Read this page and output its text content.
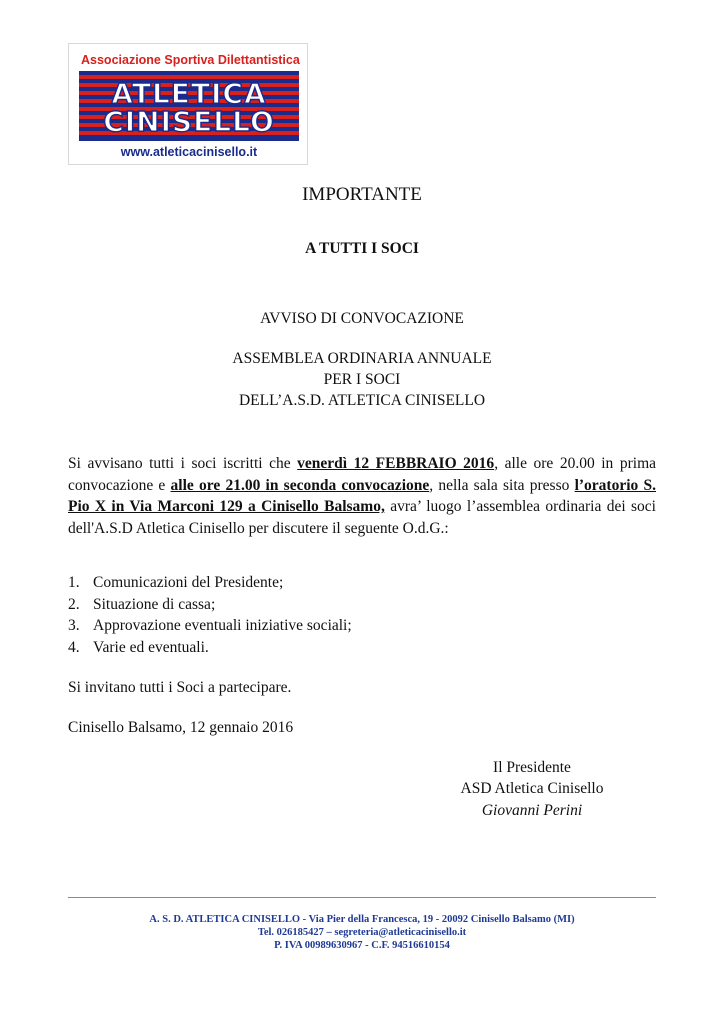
Associazione Sportiva Dilettantistica
ATLETICA
CINISELLO
www.atleticacinisello.it
IMPORTANTE
A TUTTI I SOCI
AVVISO DI CONVOCAZIONE
ASSEMBLEA ORDINARIA ANNUALE
PER I SOCI
DELL’A.S.D. ATLETICA CINISELLO
Si avvisano tutti i soci iscritti che venerdì 12 FEBBRAIO 2016, alle ore 20.00 in prima convocazione e alle ore 21.00 in seconda convocazione, nella sala sita presso l’oratorio S. Pio X in Via Marconi 129 a Cinisello Balsamo, avra’ luogo l’assemblea ordinaria dei soci dell'A.S.D Atletica Cinisello per discutere il seguente O.d.G.:
1. Comunicazioni del Presidente;
2. Situazione di cassa;
3. Approvazione eventuali iniziative sociali;
4. Varie ed eventuali.
Si invitano tutti i Soci a partecipare.
Cinisello Balsamo, 12 gennaio 2016
Il Presidente
ASD Atletica Cinisello
Giovanni Perini
A. S. D. ATLETICA CINISELLO - Via Pier della Francesca, 19 - 20092 Cinisello Balsamo (MI)
Tel. 026185427 – segreteria@atleticacinisello.it
P. IVA 00989630967 - C.F. 94516610154
